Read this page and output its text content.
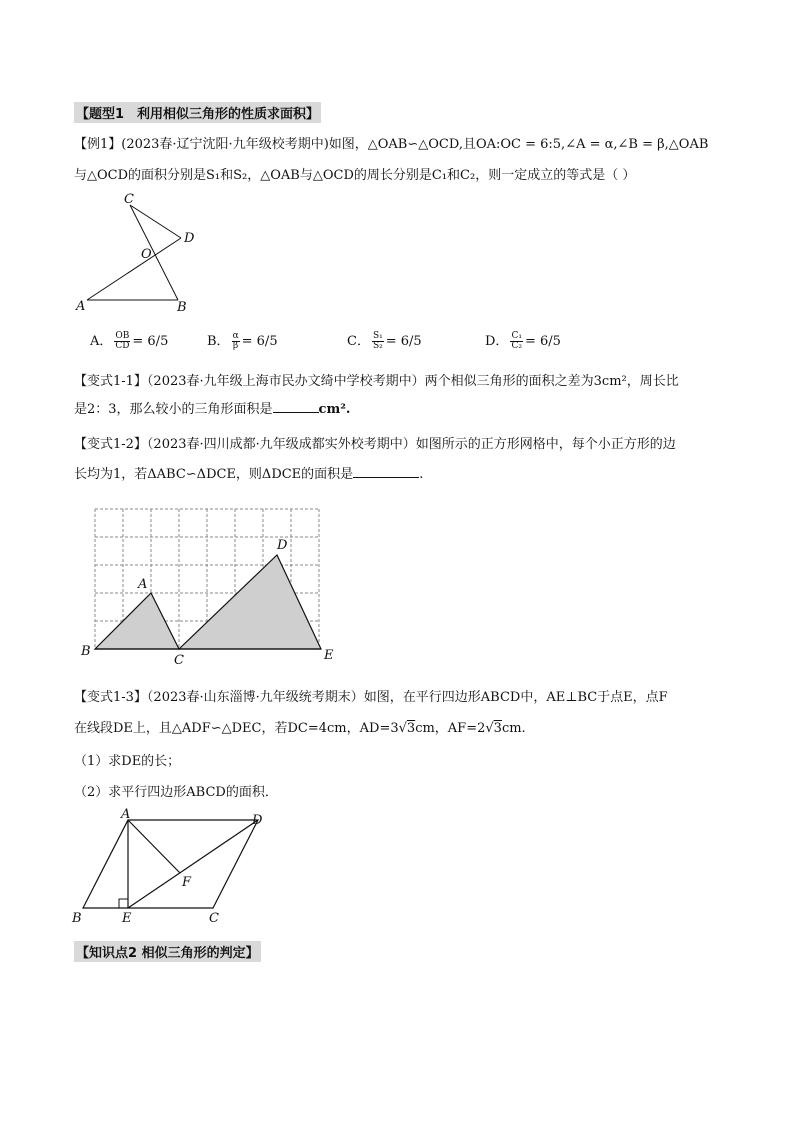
【题型1　利用相似三角形的性质求面积】
【例1】(2023春·辽宁沈阳·九年级校考期中)如图，△OAB∽△OCD,且OA:OC = 6:5,∠A = α,∠B = β,△OAB
与△OCD的面积分别是S₁和S₂，△OAB与△OCD的周长分别是C₁和C₂，则一定成立的等式是（ ）
C
D
O
A	B
A． $\frac{OB}{CD} = 6/5$	B． $\frac{\alpha}{\beta} = 6/5$	C． $\frac{\text{S₁}}{\text{S₂}} = 6/5$	D． $\frac{\text{C₁}}{\text{C₂}} = 6/5$
【变式1-1】（2023春·九年级上海市民办文绮中学校考期中）两个相似三角形的面积之差为3cm²，周长比
是2：3，那么较小的三角形面积是	cm².
【变式1-2】（2023春·四川成都·九年级成都实外校考期中）如图所示的正方形网格中，每个小正方形的边
长均为1，若ΔABC∽ΔDCE，则ΔDCE的面积是	.
B
A
C
D
E
【变式1-3】（2023春·山东淄博·九年级统考期末）如图，在平行四边形ABCD中，AE⊥BC于点E，点F
在线段DE上，且△ADF∽△DEC，若DC=4cm，AD=3√3cm，AF=2√3cm.
（1）求DE的长；
（2）求平行四边形ABCD的面积．
A	D
F
B	E	C
【知识点2 相似三角形的判定】
